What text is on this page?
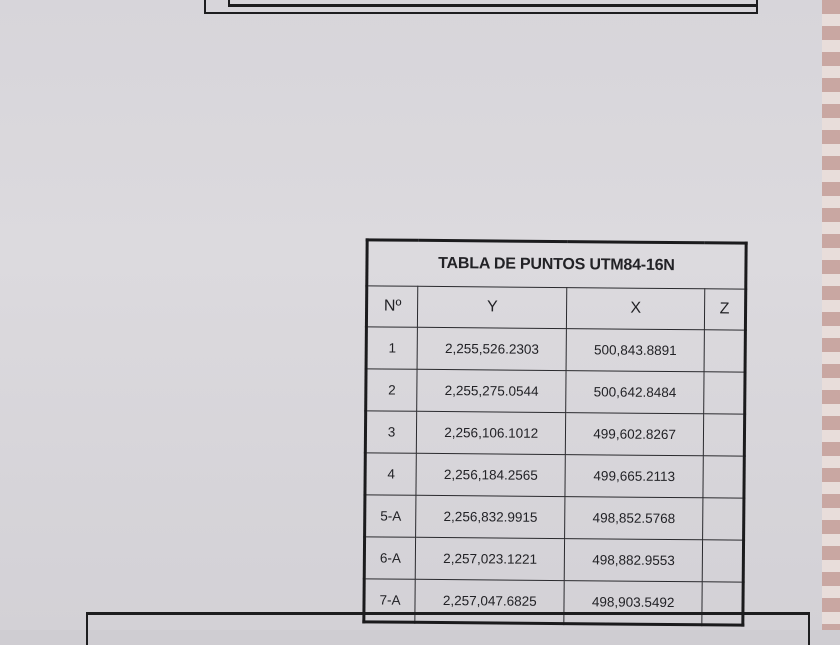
TABLA DE PUNTOS UTM84-16N			
Nº	Y	X	Z
1	2,255,526.2303	500,843.8891	
2	2,255,275.0544	500,642.8484	
3	2,256,106.1012	499,602.8267	
4	2,256,184.2565	499,665.2113	
5-A	2,256,832.9915	498,852.5768	
6-A	2,257,023.1221	498,882.9553	
7-A	2,257,047.6825	498,903.5492	
